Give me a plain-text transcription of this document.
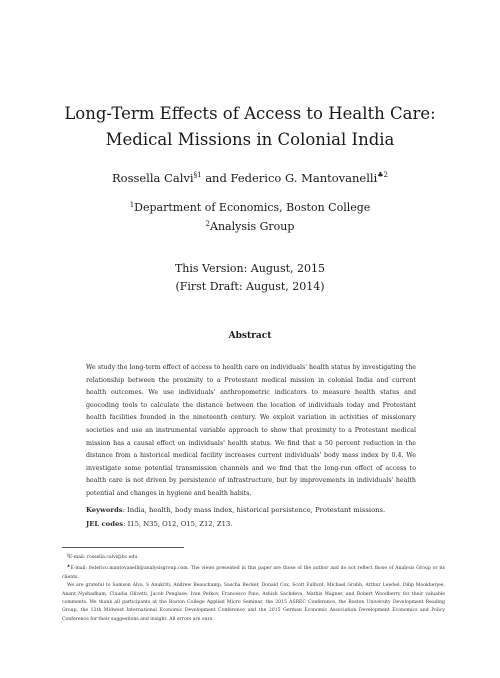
Long-Term Effects of Access to Health Care:
Medical Missions in Colonial India
Rossella Calvi$^{\S 1}$ and Federico G. Mantovanelli$^{♣2}$
$^1$Department of Economics, Boston College
$^2$Analysis Group
This Version: August, 2015
(First Draft: August, 2014)
Abstract

We study the long-term effect of access to health care on individuals' health status by investigating the relationship between the proximity to a Protestant medical mission in colonial India and current health outcomes. We use individuals' anthropometric indicators to measure health status and geocoding tools to calculate the distance between the location of individuals today and Protestant health facilities founded in the nineteenth century. We exploit variation in activities of missionary societies and use an instrumental variable approach to show that proximity to a Protestant medical mission has a causal effect on individuals' health status. We find that a 50 percent reduction in the distance from a historical medical facility increases current individuals' body mass index by 0.4. We investigate some potential transmission channels and we find that the long-run effect of access to health care is not driven by persistence of infrastructure, but by improvements in individuals' health potential and changes in hygiene and health habits.

Keywords: India, health, body mass index, historical persistence, Protestant missions.
JEL codes: I15, N35, O12, O15, Z12, Z13.

§E-mail: rossella.calvi@bc.edu.

♣E-mail: federico.mantovanelli@analysisgroup.com. The views presented in this paper are those of the author and do not reflect those of Analysis Group or its clients.

We are grateful to Samson Alva, S Anukriti, Andrew Beauchamp, Sascha Becker, Donald Cox, Scott Fulford, Michael Grubb, Arthur Lewbel, Dilip Mookherjee, Anant Nyshadham, Claudia Olivetti, Jacob Penglase, Ivan Petkov, Francesco Pino, Ashish Sachdeva, Mathis Wagner, and Robert Woodberry for their valuable comments. We thank all participants at the Boston College Applied Micro Seminar, the 2015 ASREC Conference, the Boston University Development Reading Group, the 12th Midwest International Economic Development Conference and the 2015 German Economic Association Development Economics and Policy Conference for their suggestions and insight. All errors are ours.
